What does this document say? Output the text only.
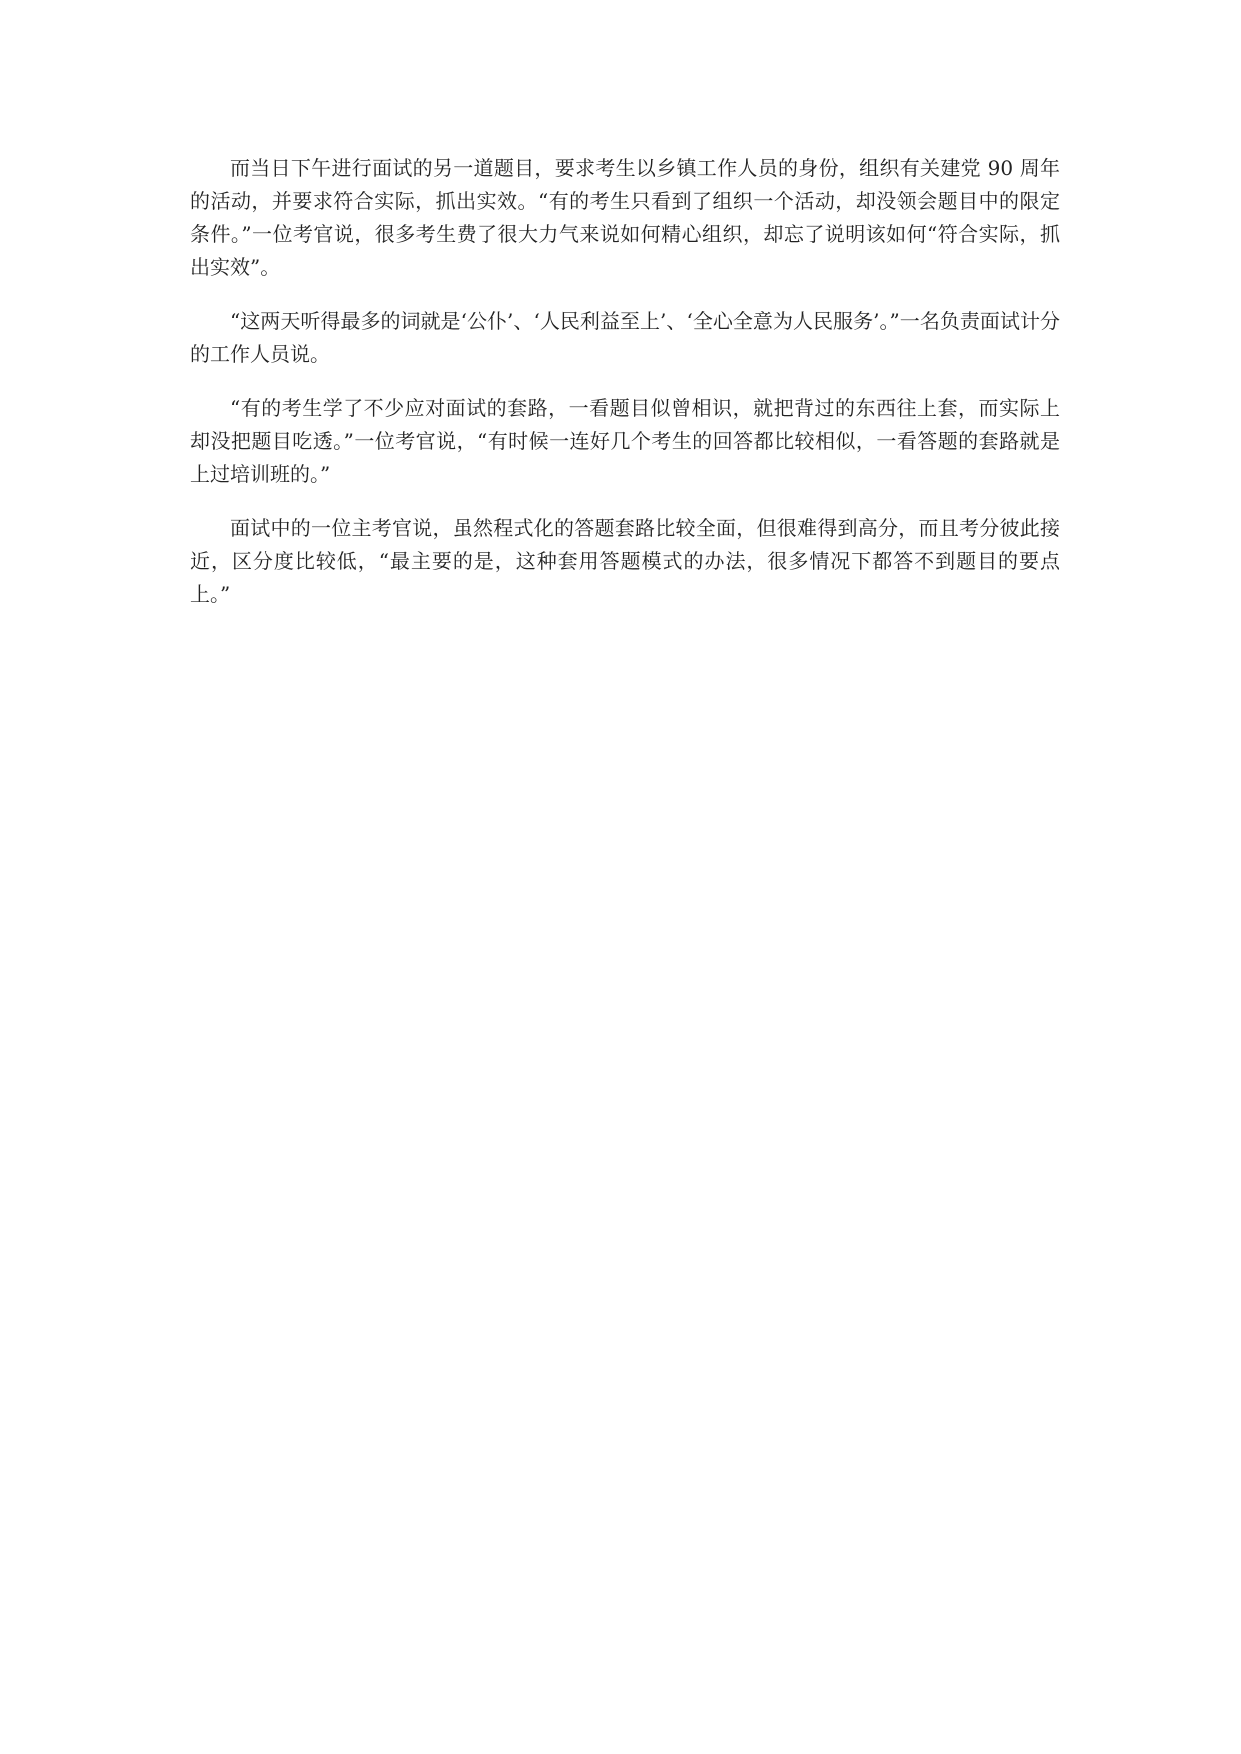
而当日下午进行面试的另一道题目，要求考生以乡镇工作人员的身份，组织有关建党 90 周年的活动，并要求符合实际，抓出实效。“有的考生只看到了组织一个活动，却没领会题目中的限定条件。”一位考官说，很多考生费了很大力气来说如何精心组织，却忘了说明该如何“符合实际，抓出实效”。

“这两天听得最多的词就是‘公仆’、‘人民利益至上’、‘全心全意为人民服务’。”一名负责面试计分的工作人员说。

“有的考生学了不少应对面试的套路，一看题目似曾相识，就把背过的东西往上套，而实际上却没把题目吃透。”一位考官说，“有时候一连好几个考生的回答都比较相似，一看答题的套路就是上过培训班的。”

面试中的一位主考官说，虽然程式化的答题套路比较全面，但很难得到高分，而且考分彼此接近，区分度比较低，“最主要的是，这种套用答题模式的办法，很多情况下都答不到题目的要点上。”
